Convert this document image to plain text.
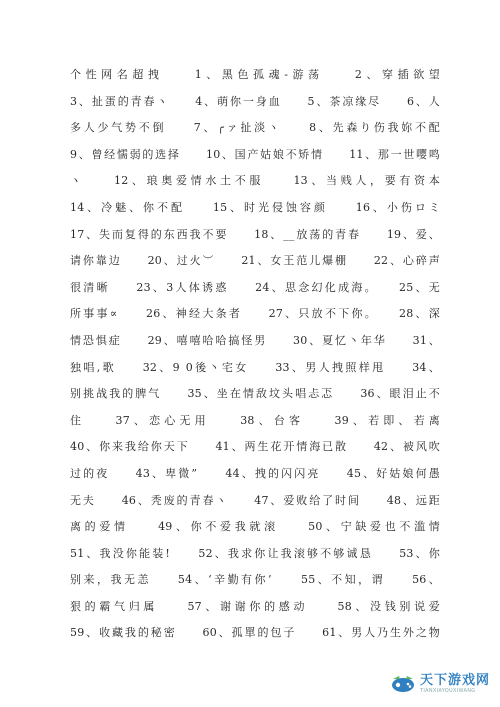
个性网名超拽　　1、黑色孤魂-游荡　　2、穿插欲望
3、扯蛋的青春ヽ　　4、萌你一身血　　5、茶凉缘尽　　6、人
多人少气势不倒　　7、╭ァ扯淡ヽ　　8、先森り伤我妳不配
9、曾经懦弱的选择　　10、国产姑娘不矫情　　11、那一世嘤鸣
ヽ　　12、琅奥爱情水土不服　　13、当贱人，要有资本
14、冷魅、你不配　　15、时光侵蚀容颜　　16、小伤ロミ
17、失而复得的东西我不要　　18、__放荡的青春　　19、爱、
请你靠边　　20、过火︶　　21、女王范儿爆棚　　22、心碎声
很清晰　　23、3人体诱惑　　24、思念幻化成海。　　25、无
所事事∝　　26、神经大条者　　27、只放不下你。　　28、深
情恐惧症　　29、嘻嘻哈哈搞怪男　　30、夏忆丶年华　　31、
独唱,歌　　32、9 0後丶宅女　　33、男人拽照样甩　　34、
别挑战我的脾气　　35、坐在情敌坟头唱忐忑　　36、眼泪止不
住　　37、恋心无用　　38、台客　　39、若即、若离
40、你来我给你天下　　41、两生花开情海已散　　42、被风吹
过的夜　　43、卑微”　　44、拽的闪闪亮　　45、好姑娘何愚
无夫　　46、秃废的青春ヽ　　47、爱败给了时间　　48、远距
离的爱情　　49、你不爱我就滚　　50、宁缺爱也不滥情
51、我没你能装!　　52、我求你让我滚够不够诚恳　　53、你
别来，我无恙　　54、‘辛勤有你’　　55、不知，谓　　56、
狠的霸气归属　　57、谢谢你的感动　　58、没钱别说爱
59、收藏我的秘密　　60、孤單的包子　　61、男人乃生外之物
天下游戏网
TIANXIAYOUXIWANG
